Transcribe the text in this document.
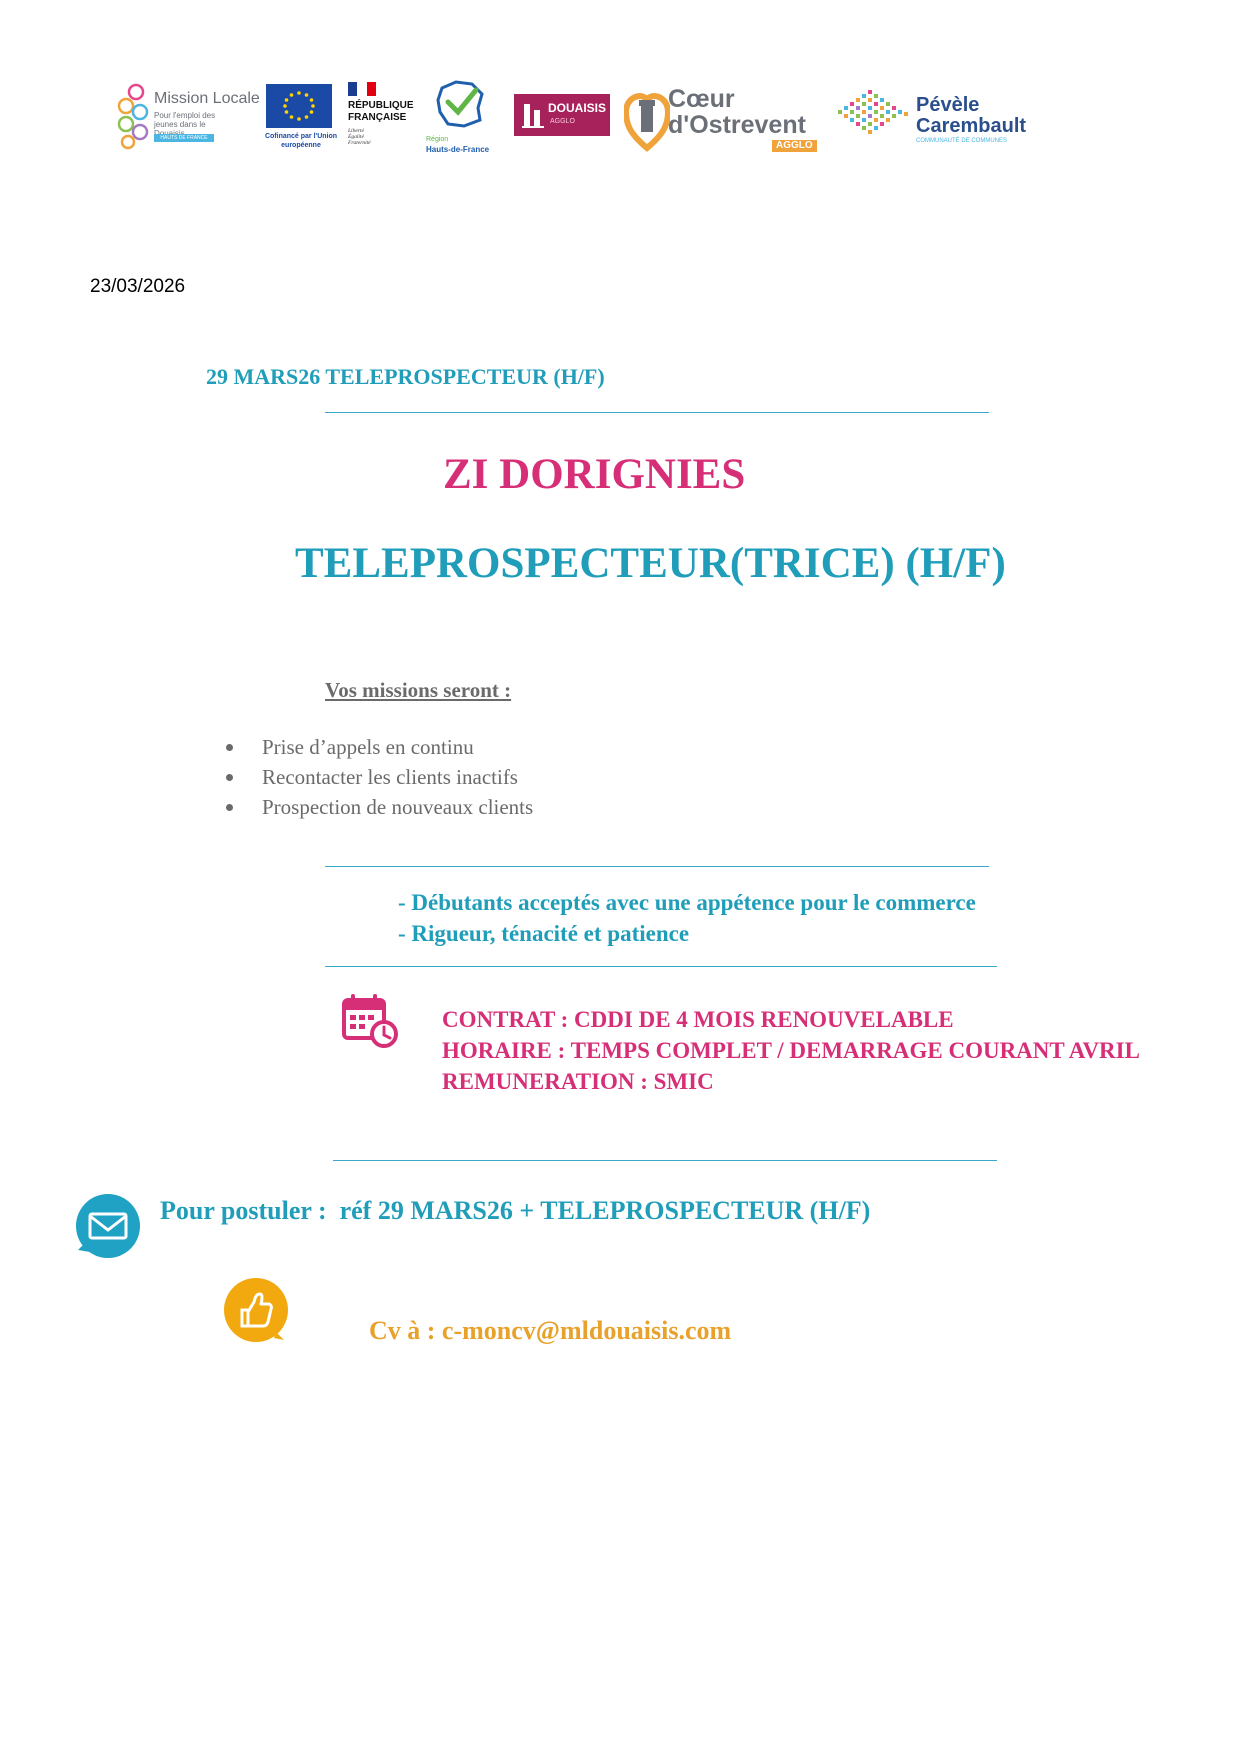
Mission Locale
Pour l'emploi des jeunes dans le
HAUTS DE FRANCE	Cofinancé par l'Union européenne
RÉPUBLIQUE FRANÇAISE
Liberté
Égalité
Fraternité	Région
Hauts-de-France
DOUAISIS
AGGLO
Cœur
d'Ostrevent
AGGLO
Pévèle
Carembault
COMMUNAUTÉ DE COMMUNES
23/03/2026
29 MARS26 TELEPROSPECTEUR (H/F)
ZI DORIGNIES
TELEPROSPECTEUR(TRICE) (H/F)
Vos missions seront :
Prise d’appels en continu
Recontacter les clients inactifs
Prospection de nouveaux clients
- Débutants acceptés avec une appétence pour le commerce
- Rigueur, ténacité et patience
CONTRAT : CDDI DE 4 MOIS RENOUVELABLE
HORAIRE : TEMPS COMPLET / DEMARRAGE COURANT AVRIL
REMUNERATION : SMIC
Pour postuler :  réf 29 MARS26 + TELEPROSPECTEUR (H/F)
Cv à : c-moncv@mldouaisis.com
